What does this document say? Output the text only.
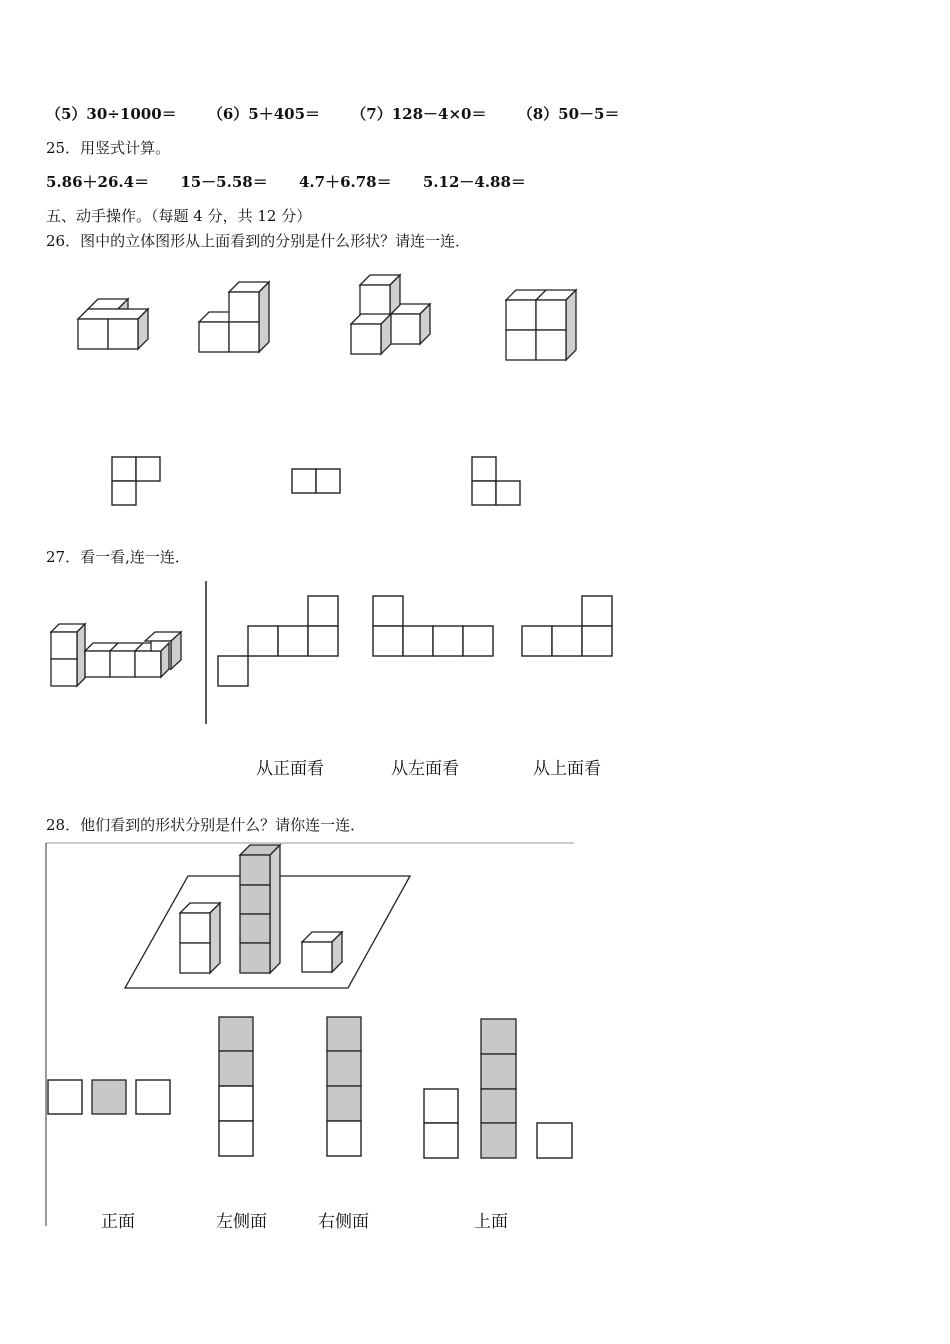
（5）30÷1000＝ （6）5＋405＝ （7）128－4×0＝ （8）50－5＝
25．用竖式计算。
5.86＋26.4＝ 15－5.58＝ 4.7＋6.78＝ 5.12－4.88＝
五、动手操作。（每题 4 分，共 12 分）
26．图中的立体图形从上面看到的分别是什么形状？请连一连．
27．看一看,连一连．
从正面看	从左面看	从上面看
28．他们看到的形状分别是什么？请你连一连．
正面	左侧面	右侧面	上面
